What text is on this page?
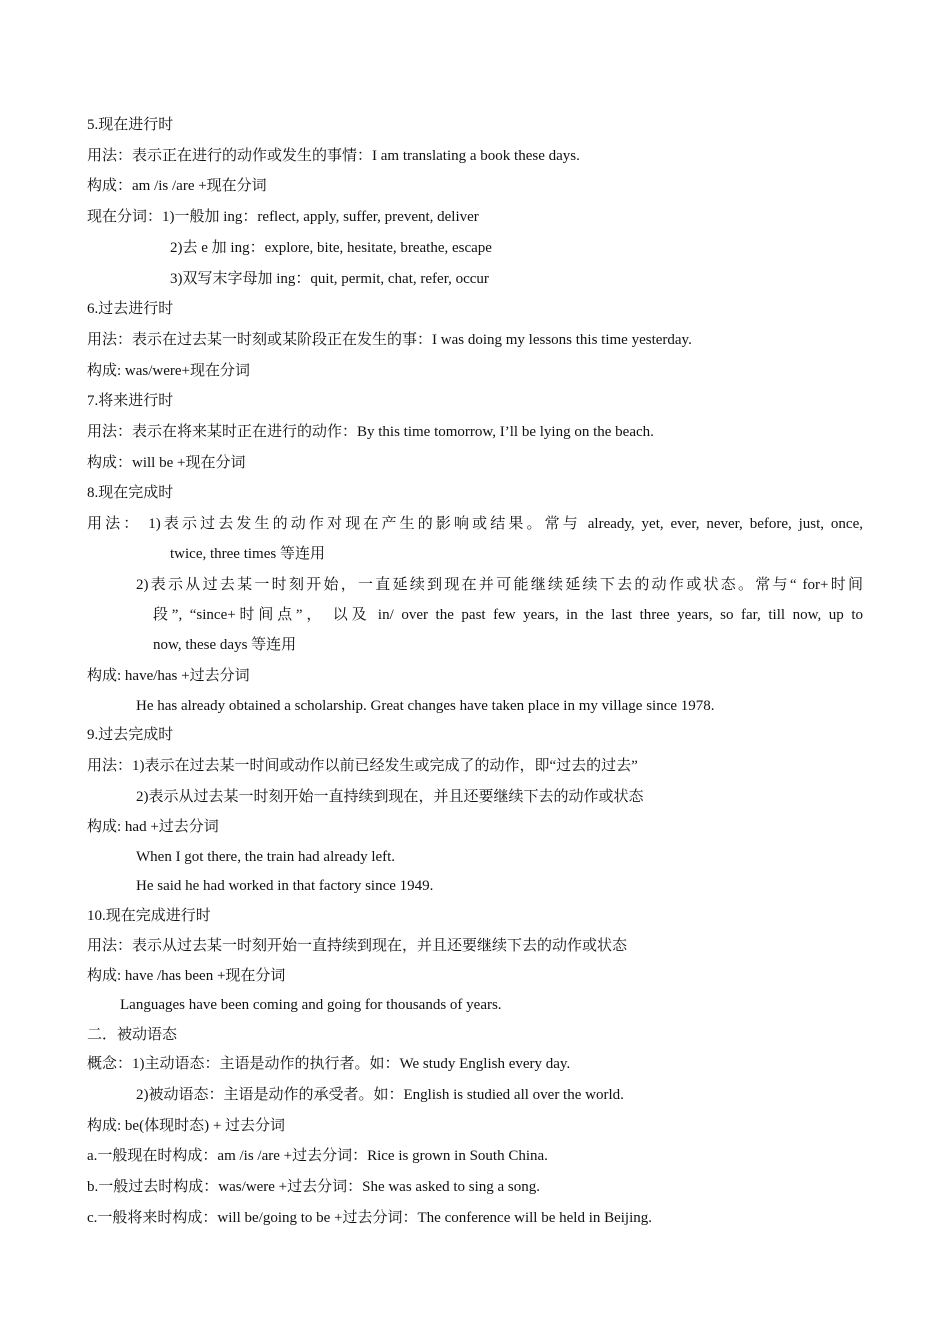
5.现在进行时
用法：表示正在进行的动作或发生的事情：I am translating a book these days.
构成：am /is /are +现在分词
现在分词：1)一般加 ing：reflect, apply, suffer, prevent, deliver
2)去 e 加 ing：explore, bite, hesitate, breathe, escape
3)双写末字母加 ing：quit, permit, chat, refer, occur
6.过去进行时
用法：表示在过去某一时刻或某阶段正在发生的事：I was doing my lessons this time yesterday.
构成: was/were+现在分词
7.将来进行时
用法：表示在将来某时正在进行的动作：By this time tomorrow, I’ll be lying on the beach.
构成：will be +现在分词
8.现在完成时
用法： 1)表示过去发生的动作对现在产生的影响或结果。常与 already, yet, ever, never, before, just, once,
twice, three times 等连用
2)表示从过去某一时刻开始，一直延续到现在并可能继续延续下去的动作或状态。常与“ for+时间
段”, “since+时间点”， 以及 in/ over the past few years, in the last three years, so far, till now, up to
now, these days 等连用
构成: have/has +过去分词
He has already obtained a scholarship. Great changes have taken place in my village since 1978.
9.过去完成时
用法：1)表示在过去某一时间或动作以前已经发生或完成了的动作，即“过去的过去”
2)表示从过去某一时刻开始一直持续到现在，并且还要继续下去的动作或状态
构成: had +过去分词
When I got there, the train had already left.
He said he had worked in that factory since 1949.
10.现在完成进行时
用法：表示从过去某一时刻开始一直持续到现在，并且还要继续下去的动作或状态
构成: have /has been +现在分词
Languages have been coming and going for thousands of years.
二．被动语态
概念：1)主动语态：主语是动作的执行者。如：We study English every day.
2)被动语态：主语是动作的承受者。如：English is studied all over the world.
构成: be(体现时态) + 过去分词
a.一般现在时构成：am /is /are +过去分词：Rice is grown in South China.
b.一般过去时构成：was/were +过去分词：She was asked to sing a song.
c.一般将来时构成：will be/going to be +过去分词：The conference will be held in Beijing.
